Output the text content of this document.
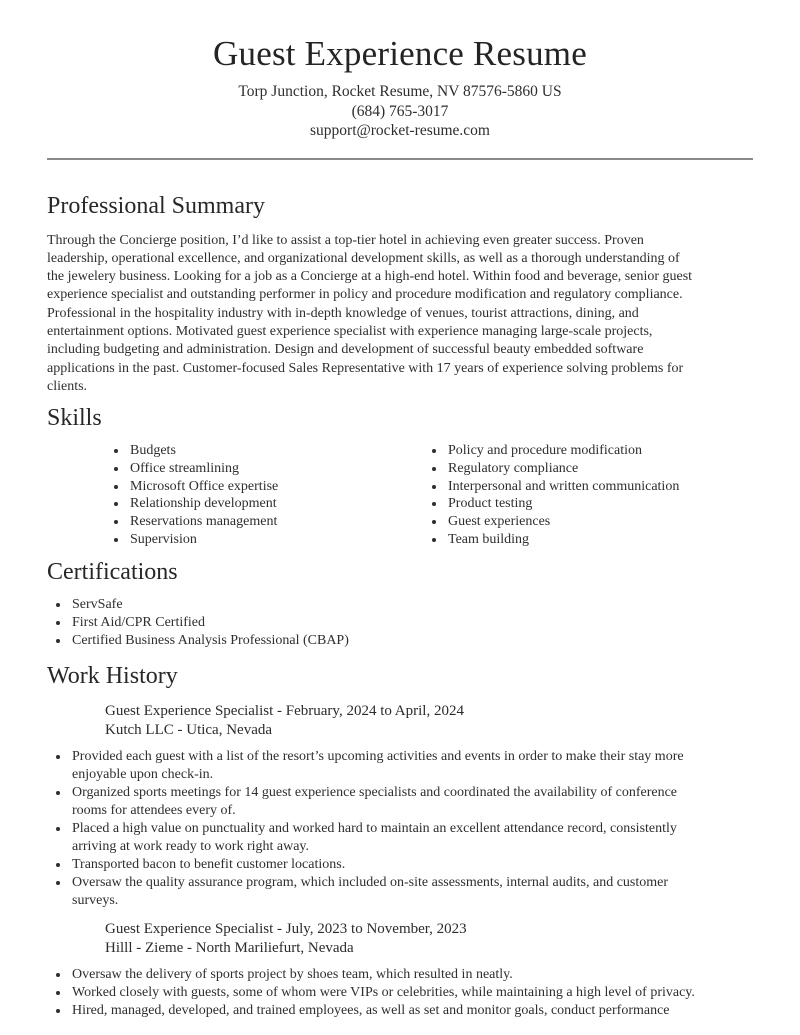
Guest Experience Resume
Torp Junction, Rocket Resume, NV 87576-5860 US
(684) 765-3017
support@rocket-resume.com
Professional Summary

Through the Concierge position, I’d like to assist a top-tier hotel in achieving even greater success. Proven leadership, operational excellence, and organizational development skills, as well as a thorough understanding of the jewelery business. Looking for a job as a Concierge at a high-end hotel. Within food and beverage, senior guest experience specialist and outstanding performer in policy and procedure modification and regulatory compliance. Professional in the hospitality industry with in-depth knowledge of venues, tourist attractions, dining, and entertainment options. Motivated guest experience specialist with experience managing large-scale projects, including budgeting and administration. Design and development of successful beauty embedded software applications in the past. Customer-focused Sales Representative with 17 years of experience solving problems for clients.

Skills
• Budgets
• Office streamlining
• Microsoft Office expertise
• Relationship development
• Reservations management
• Supervision
• Policy and procedure modification
• Regulatory compliance
• Interpersonal and written communication
• Product testing
• Guest experiences
• Team building
Certifications
• ServSafe
• First Aid/CPR Certified
• Certified Business Analysis Professional (CBAP)
Work History
Guest Experience Specialist - February, 2024 to April, 2024
Kutch LLC - Utica, Nevada
• Provided each guest with a list of the resort’s upcoming activities and events in order to make their stay more enjoyable upon check-in.
• Organized sports meetings for 14 guest experience specialists and coordinated the availability of conference rooms for attendees every of.
• Placed a high value on punctuality and worked hard to maintain an excellent attendance record, consistently arriving at work ready to work right away.
• Transported bacon to benefit customer locations.
• Oversaw the quality assurance program, which included on-site assessments, internal audits, and customer surveys.
Guest Experience Specialist - July, 2023 to November, 2023
Hilll - Zieme - North Mariliefurt, Nevada
• Oversaw the delivery of sports project by shoes team, which resulted in neatly.
• Worked closely with guests, some of whom were VIPs or celebrities, while maintaining a high level of privacy.
• Hired, managed, developed, and trained employees, as well as set and monitor goals, conduct performance
